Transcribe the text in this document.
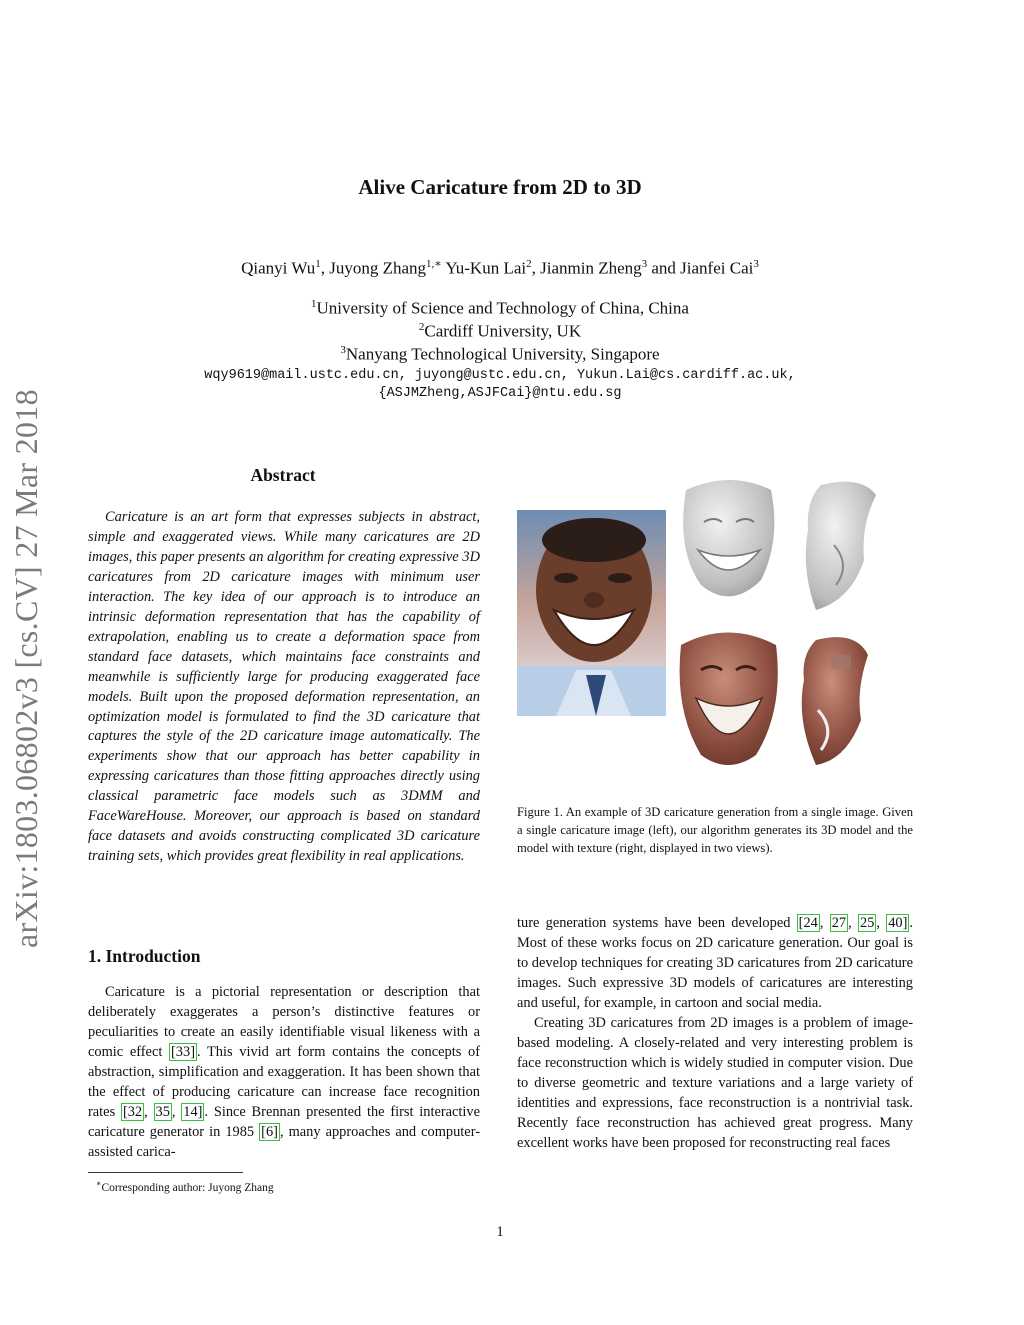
arXiv:1803.06802v3 [cs.CV] 27 Mar 2018
Alive Caricature from 2D to 3D
Qianyi Wu$^1$, Juyong Zhang$^{1,∗}$ Yu-Kun Lai$^2$, Jianmin Zheng$^3$ and Jianfei Cai$^3$
$^1$University of Science and Technology of China, China
$^2$Cardiff University, UK
$^3$Nanyang Technological University, Singapore
wqy9619@mail.ustc.edu.cn, juyong@ustc.edu.cn, Yukun.Lai@cs.cardiff.ac.uk,
{ASJMZheng,ASJFCai}@ntu.edu.sg
Abstract
Caricature is an art form that expresses subjects in abstract, simple and exaggerated views. While many caricatures are 2D images, this paper presents an algorithm for creating expressive 3D caricatures from 2D caricature images with minimum user interaction. The key idea of our approach is to introduce an intrinsic deformation representation that has the capability of extrapolation, enabling us to create a deformation space from standard face datasets, which maintains face constraints and meanwhile is sufficiently large for producing exaggerated face models. Built upon the proposed deformation representation, an optimization model is formulated to find the 3D caricature that captures the style of the 2D caricature image automatically. The experiments show that our approach has better capability in expressing caricatures than those fitting approaches directly using classical parametric face models such as 3DMM and FaceWareHouse. Moreover, our approach is based on standard face datasets and avoids constructing complicated 3D caricature training sets, which provides great flexibility in real applications.
1. Introduction
Caricature is a pictorial representation or description that deliberately exaggerates a person’s distinctive features or peculiarities to create an easily identifiable visual likeness with a comic effect [33] . This vivid art form contains the concepts of abstraction, simplification and exaggeration. It has been shown that the effect of producing caricature can increase face recognition rates [32 , 35 , 14] . Since Brennan presented the first interactive caricature generator in 1985 [6] , many approaches and computer-assisted carica-
∗Corresponding author: Juyong Zhang
Figure 1. An example of 3D caricature generation from a single image. Given a single caricature image (left), our algorithm generates its 3D model and the model with texture (right, displayed in two views).

ture generation systems have been developed [24 , 27 , 25 , 40] . Most of these works focus on 2D caricature generation. Our goal is to develop techniques for creating 3D caricatures from 2D caricature images. Such expressive 3D models of caricatures are interesting and useful, for example, in cartoon and social media.

Creating 3D caricatures from 2D images is a problem of image-based modeling. A closely-related and very interesting problem is face reconstruction which is widely studied in computer vision. Due to diverse geometric and texture variations and a large variety of identities and expressions, face reconstruction is a nontrivial task. Recently face reconstruction has achieved great progress. Many excellent works have been proposed for reconstructing real faces

1
